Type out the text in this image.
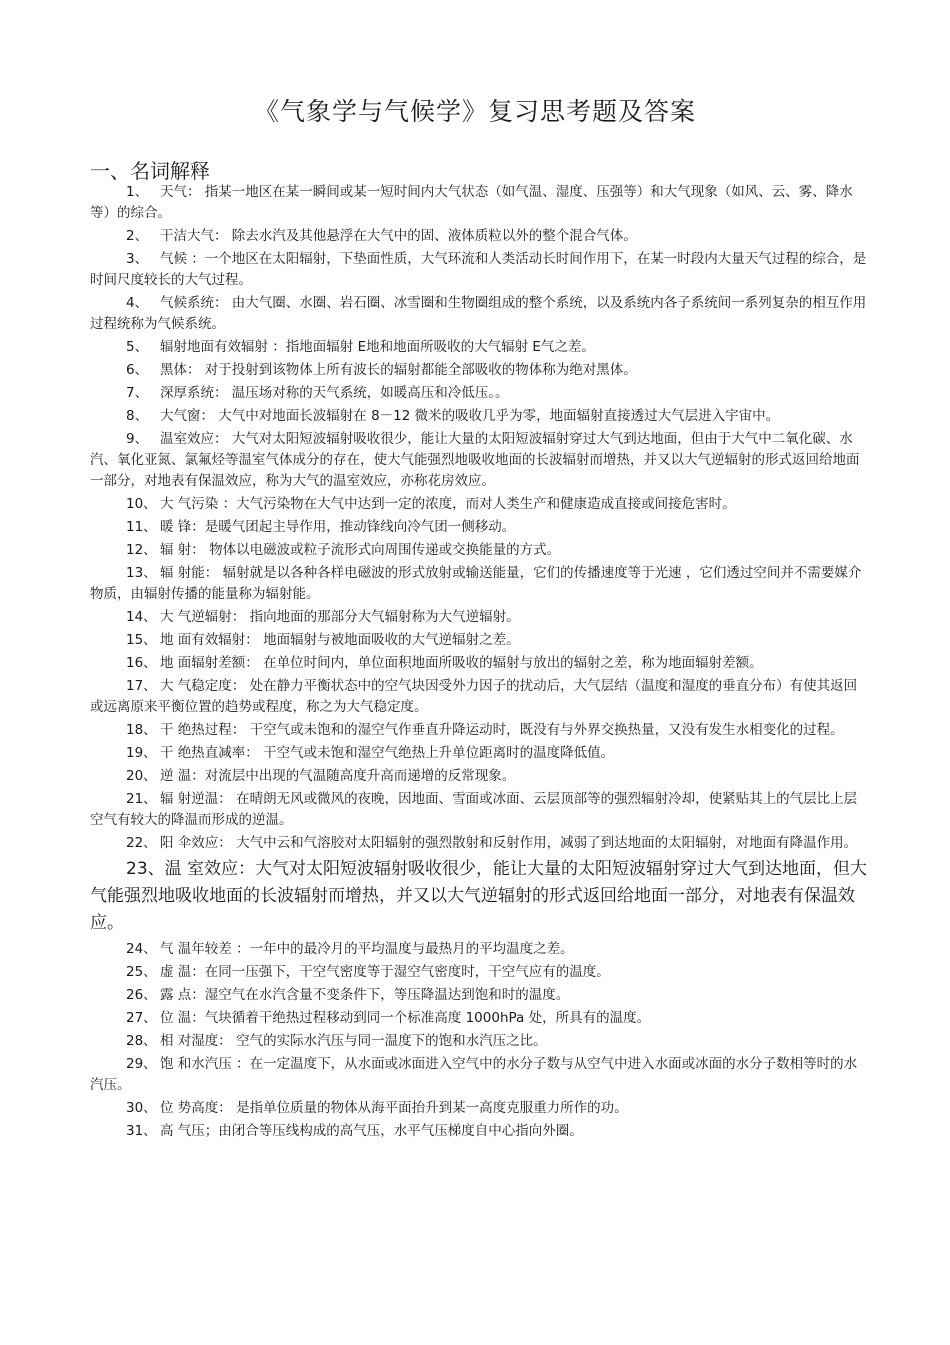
《气象学与气候学》复习思考题及答案
一、名词解释
1、 天气： 指某一地区在某一瞬间或某一短时间内大气状态（如气温、湿度、压强等）和大气现象（如风、云、雾、降水等）的综合。
2、 干洁大气： 除去水汽及其他悬浮在大气中的固、液体质粒以外的整个混合气体。
3、 气候 ：一个地区在太阳辐射，下垫面性质，大气环流和人类活动长时间作用下，在某一时段内大量天气过程的综合，是时间尺度较长的大气过程。
4、 气候系统： 由大气圈、水圈、岩石圈、冰雪圈和生物圈组成的整个系统，以及系统内各子系统间一系列复杂的相互作用过程统称为气候系统。
5、 辐射地面有效辐射 ：指地面辐射 E地和地面所吸收的大气辐射 E气之差。
6、 黑体： 对于投射到该物体上所有波长的辐射都能全部吸收的物体称为绝对黑体。
7、 深厚系统： 温压场对称的天气系统，如暖高压和冷低压。。
8、 大气窗： 大气中对地面长波辐射在 8－12 微米的吸收几乎为零，地面辐射直接透过大气层进入宇宙中。
9、 温室效应： 大气对太阳短波辐射吸收很少，能让大量的太阳短波辐射穿过大气到达地面，但由于大气中二氧化碳、水汽、氧化亚氮、氯氟烃等温室气体成分的存在，使大气能强烈地吸收地面的长波辐射而增热，并又以大气逆辐射的形式返回给地面一部分，对地表有保温效应，称为大气的温室效应，亦称花房效应。
10、 大 气污染 ：大气污染物在大气中达到一定的浓度，而对人类生产和健康造成直接或间接危害时。
11、 暖 锋：是暖气团起主导作用，推动锋线向冷气团一侧移动。
12、 辐 射： 物体以电磁波或粒子流形式向周围传递或交换能量的方式。
13、 辐 射能： 辐射就是以各种各样电磁波的形式放射或输送能量，它们的传播速度等于光速 ，它们透过空间并不需要媒介物质，由辐射传播的能量称为辐射能。
14、 大 气逆辐射： 指向地面的那部分大气辐射称为大气逆辐射。
15、 地 面有效辐射： 地面辐射与被地面吸收的大气逆辐射之差。
16、 地 面辐射差额： 在单位时间内，单位面积地面所吸收的辐射与放出的辐射之差，称为地面辐射差额。
17、 大 气稳定度： 处在静力平衡状态中的空气块因受外力因子的扰动后，大气层结（温度和湿度的垂直分布）有使其返回或远离原来平衡位置的趋势或程度，称之为大气稳定度。
18、 干 绝热过程： 干空气或未饱和的湿空气作垂直升降运动时，既没有与外界交换热量，又没有发生水相变化的过程。
19、 干 绝热直减率： 干空气或未饱和湿空气绝热上升单位距离时的温度降低值。
20、 逆 温：对流层中出现的气温随高度升高而递增的反常现象。
21、 辐 射逆温： 在晴朗无风或微风的夜晚，因地面、雪面或冰面、云层顶部等的强烈辐射冷却，使紧贴其上的气层比上层空气有较大的降温而形成的逆温。
22、 阳 伞效应： 大气中云和气溶胶对太阳辐射的强烈散射和反射作用，减弱了到达地面的太阳辐射，对地面有降温作用。
23、温 室效应：大气对太阳短波辐射吸收很少，能让大量的太阳短波辐射穿过大气到达地面，但大气能强烈地吸收地面的长波辐射而增热，并又以大气逆辐射的形式返回给地面一部分，对地表有保温效应。
24、 气 温年较差 ：一年中的最冷月的平均温度与最热月的平均温度之差。
25、 虚 温：在同一压强下，干空气密度等于湿空气密度时，干空气应有的温度。
26、 露 点：湿空气在水汽含量不变条件下，等压降温达到饱和时的温度。
27、 位 温：气块循着干绝热过程移动到同一个标准高度 1000hPa 处，所具有的温度。
28、 相 对湿度： 空气的实际水汽压与同一温度下的饱和水汽压之比。
29、 饱 和水汽压 ：在一定温度下，从水面或冰面进入空气中的水分子数与从空气中进入水面或冰面的水分子数相等时的水汽压。
30、 位 势高度： 是指单位质量的物体从海平面抬升到某一高度克服重力所作的功。
31、 高 气压；由闭合等压线构成的高气压，水平气压梯度自中心指向外圈。
